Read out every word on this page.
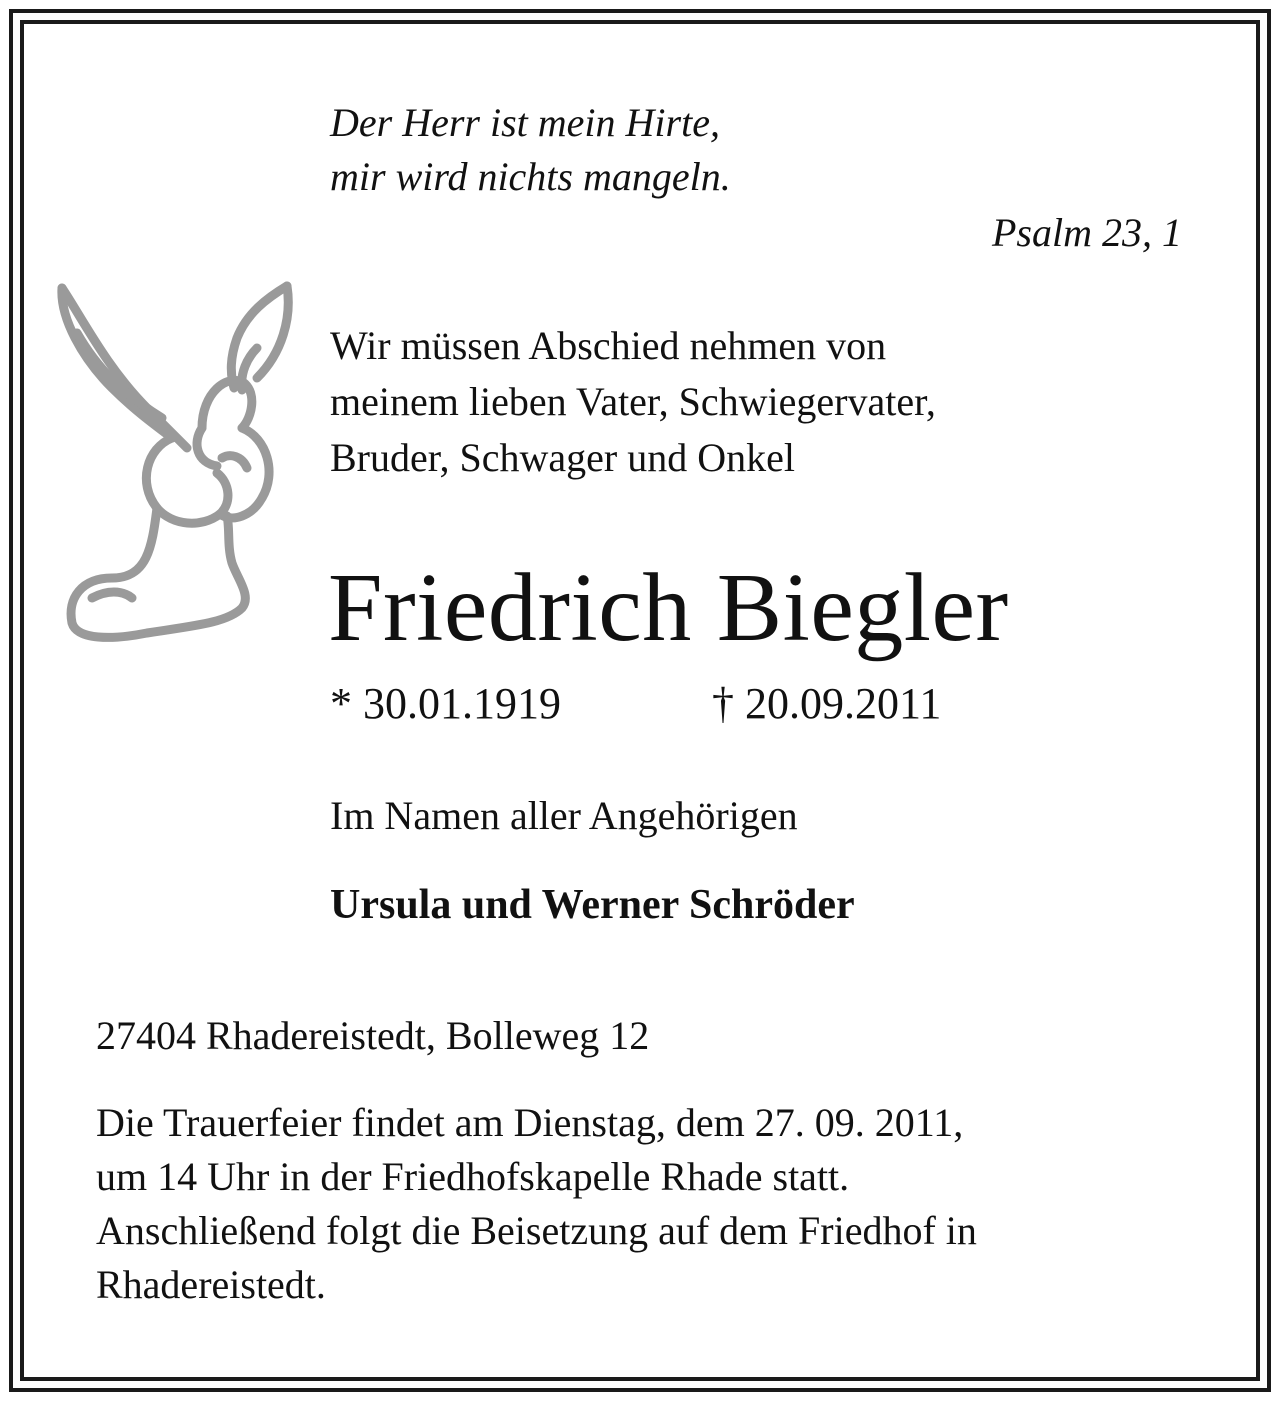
Der Herr ist mein Hirte,
mir wird nichts mangeln.
Psalm 23, 1
Wir müssen Abschied nehmen von
meinem lieben Vater, Schwiegervater,
Bruder, Schwager und Onkel
Friedrich Biegler
* 30.01.1919	† 20.09.2011
Im Namen aller Angehörigen
Ursula und Werner Schröder
27404 Rhadereistedt, Bolleweg 12
Die Trauerfeier findet am Dienstag, dem 27. 09. 2011,
um 14 Uhr in der Friedhofskapelle Rhade statt.
Anschließend folgt die Beisetzung auf dem Friedhof in
Rhadereistedt.
